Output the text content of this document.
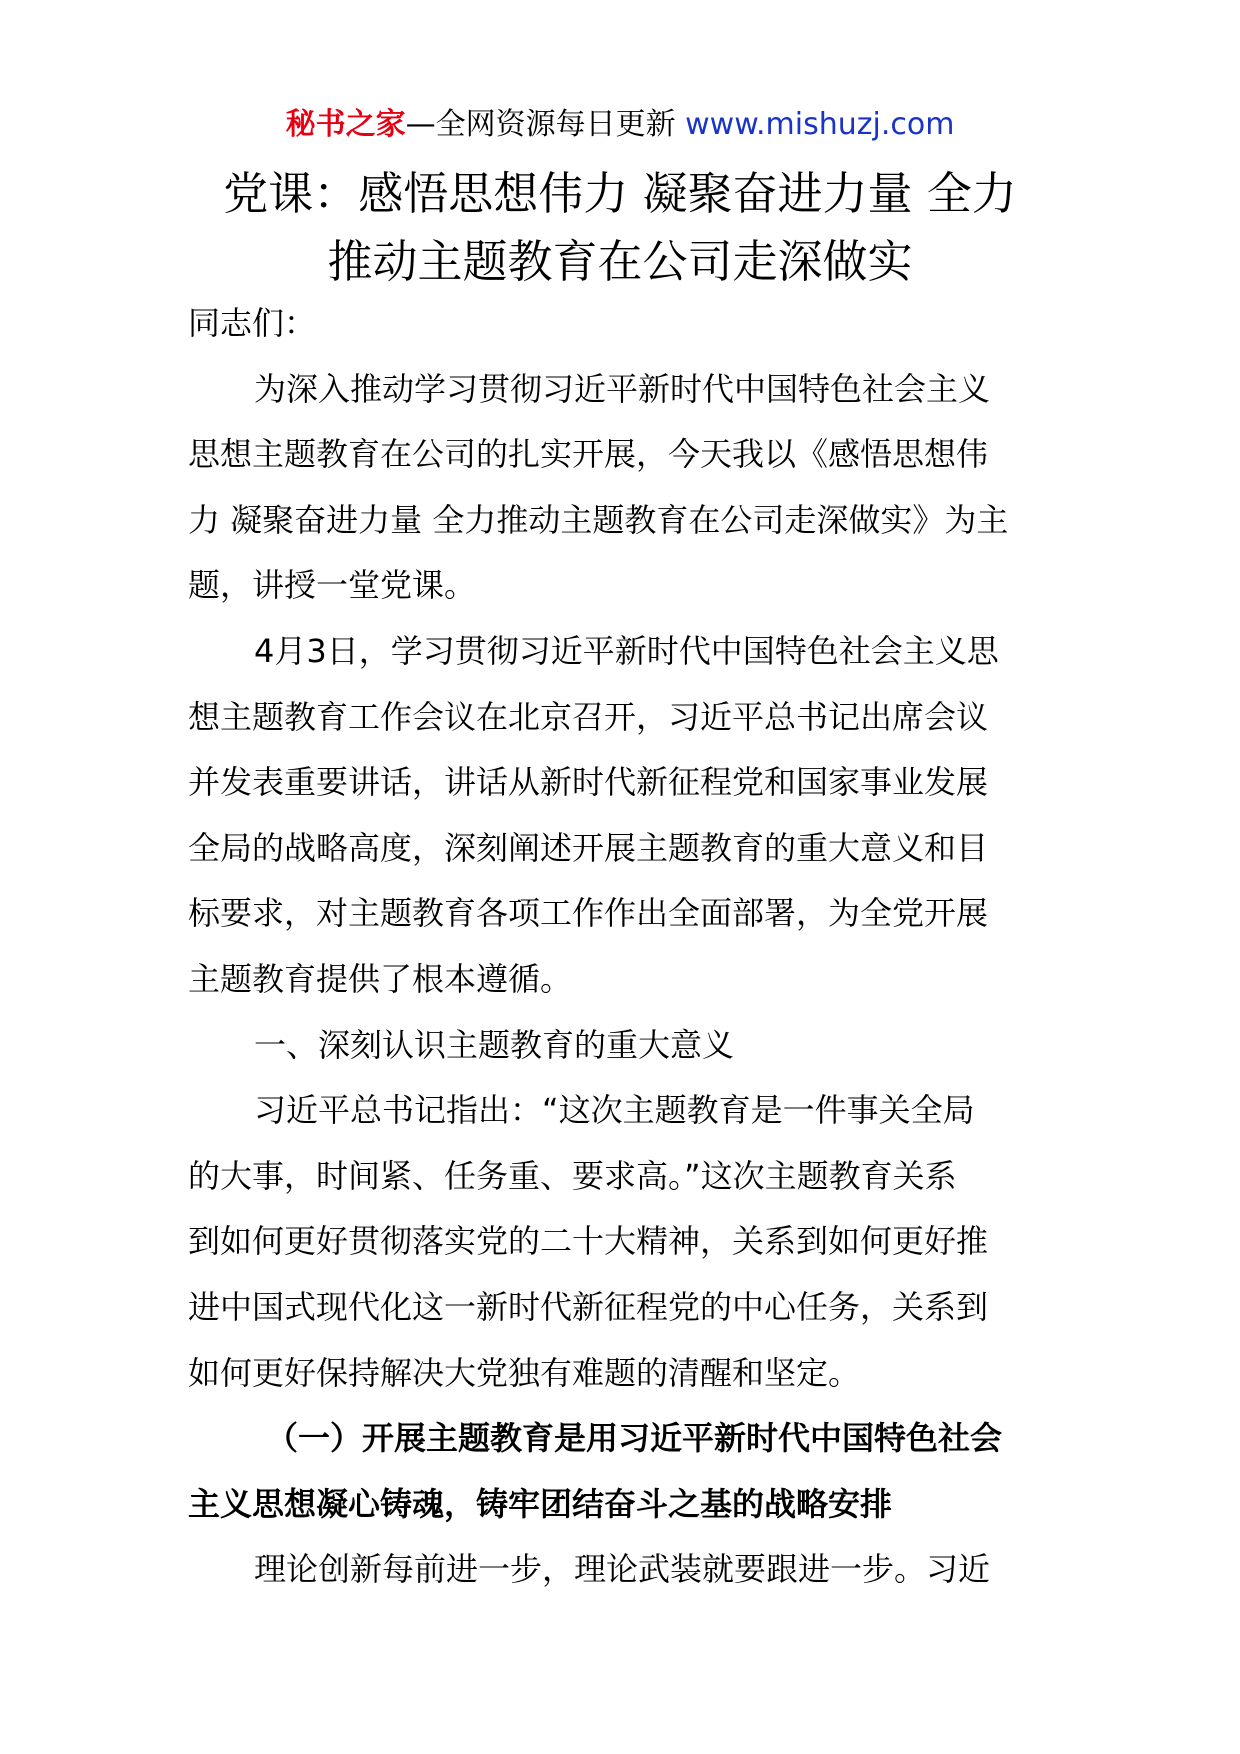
秘书之家—全网资源每日更新 www.mishuzj.com
党课：感悟思想伟力 凝聚奋进力量 全力
推动主题教育在公司走深做实
同志们：
为深入推动学习贯彻习近平新时代中国特色社会主义
思想主题教育在公司的扎实开展，今天我以《感悟思想伟
力 凝聚奋进力量 全力推动主题教育在公司走深做实》为主
题，讲授一堂党课。
4月3日，学习贯彻习近平新时代中国特色社会主义思
想主题教育工作会议在北京召开，习近平总书记出席会议
并发表重要讲话，讲话从新时代新征程党和国家事业发展
全局的战略高度，深刻阐述开展主题教育的重大意义和目
标要求，对主题教育各项工作作出全面部署，为全党开展
主题教育提供了根本遵循。
一、深刻认识主题教育的重大意义
习近平总书记指出：“这次主题教育是一件事关全局
的大事，时间紧、任务重、要求高。”这次主题教育关系
到如何更好贯彻落实党的二十大精神，关系到如何更好推
进中国式现代化这一新时代新征程党的中心任务，关系到
如何更好保持解决大党独有难题的清醒和坚定。
（一）开展主题教育是用习近平新时代中国特色社会
主义思想凝心铸魂，铸牢团结奋斗之基的战略安排
理论创新每前进一步，理论武装就要跟进一步。习近
